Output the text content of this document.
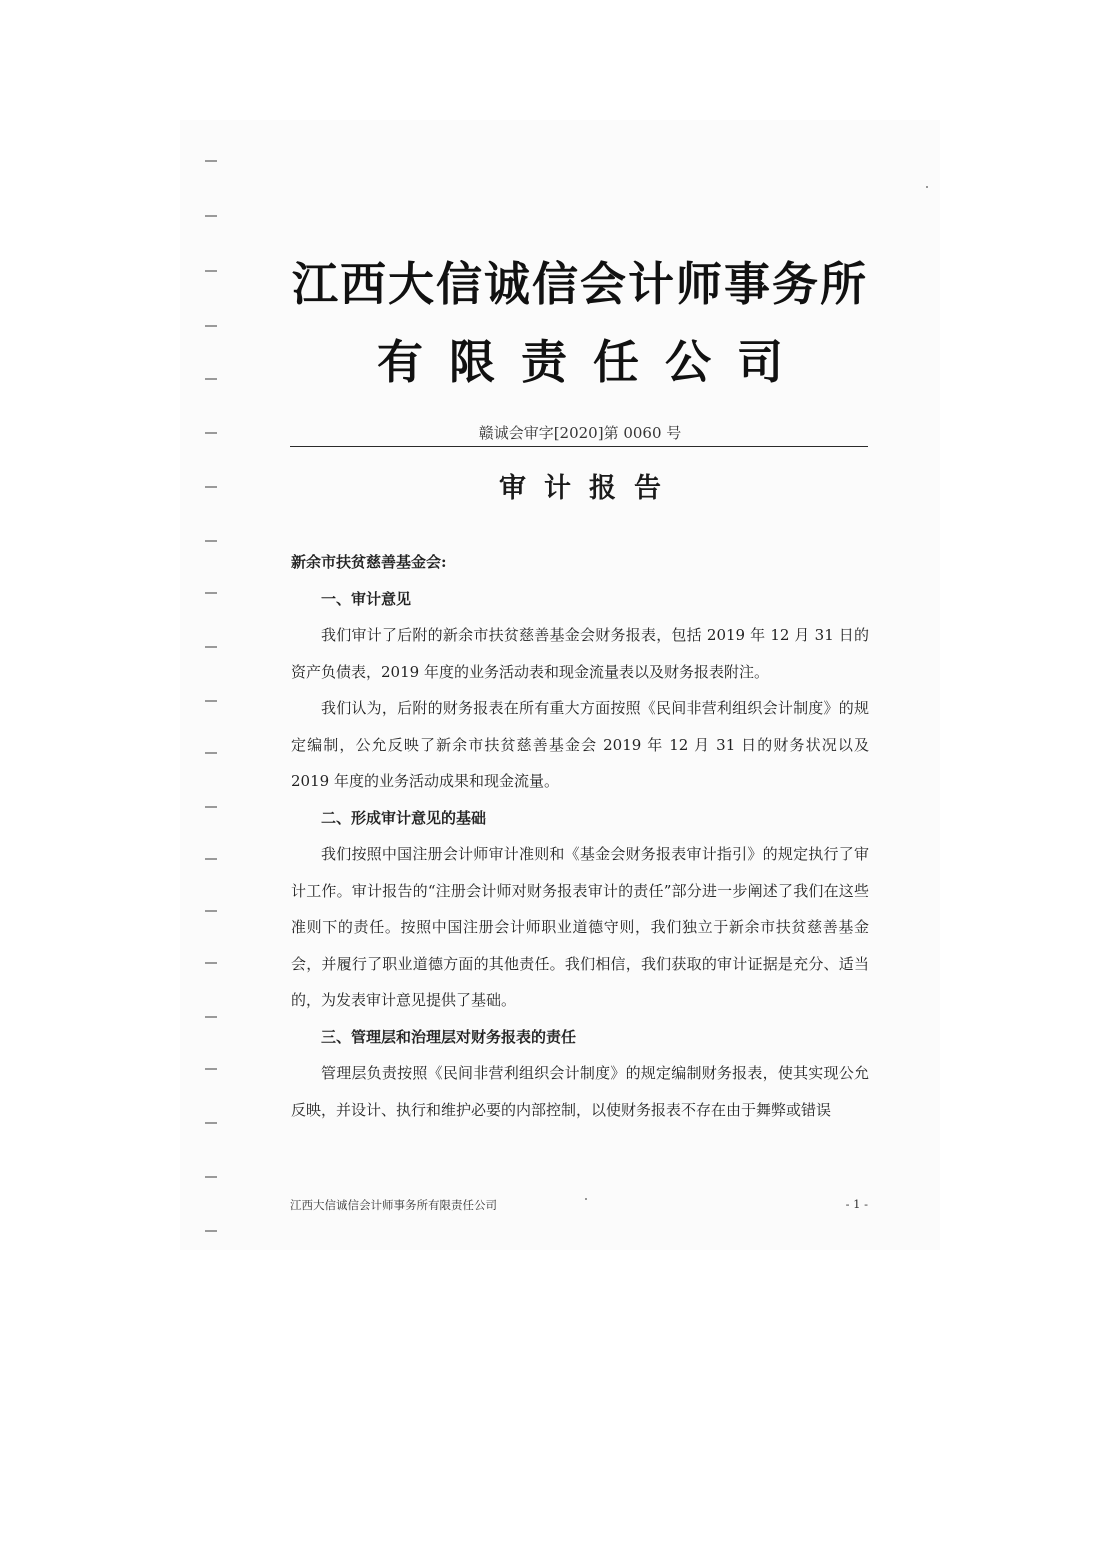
江西大信诚信会计师事务所
有限责任公司
赣诚会审字[2020]第 0060 号
审计报告

新余市扶贫慈善基金会:

一、审计意见

我们审计了后附的新余市扶贫慈善基金会财务报表，包括 2019 年 12 月 31 日的资产负债表，2019 年度的业务活动表和现金流量表以及财务报表附注。

我们认为，后附的财务报表在所有重大方面按照《民间非营利组织会计制度》的规定编制，公允反映了新余市扶贫慈善基金会 2019 年 12 月 31 日的财务状况以及 2019 年度的业务活动成果和现金流量。

二、形成审计意见的基础

我们按照中国注册会计师审计准则和《基金会财务报表审计指引》的规定执行了审计工作。审计报告的“注册会计师对财务报表审计的责任”部分进一步阐述了我们在这些准则下的责任。按照中国注册会计师职业道德守则，我们独立于新余市扶贫慈善基金会，并履行了职业道德方面的其他责任。我们相信，我们获取的审计证据是充分、适当的，为发表审计意见提供了基础。

三、管理层和治理层对财务报表的责任

管理层负责按照《民间非营利组织会计制度》的规定编制财务报表，使其实现公允反映，并设计、执行和维护必要的内部控制，以使财务报表不存在由于舞弊或错误

江西大信诚信会计师事务所有限责任公司	- 1 -
